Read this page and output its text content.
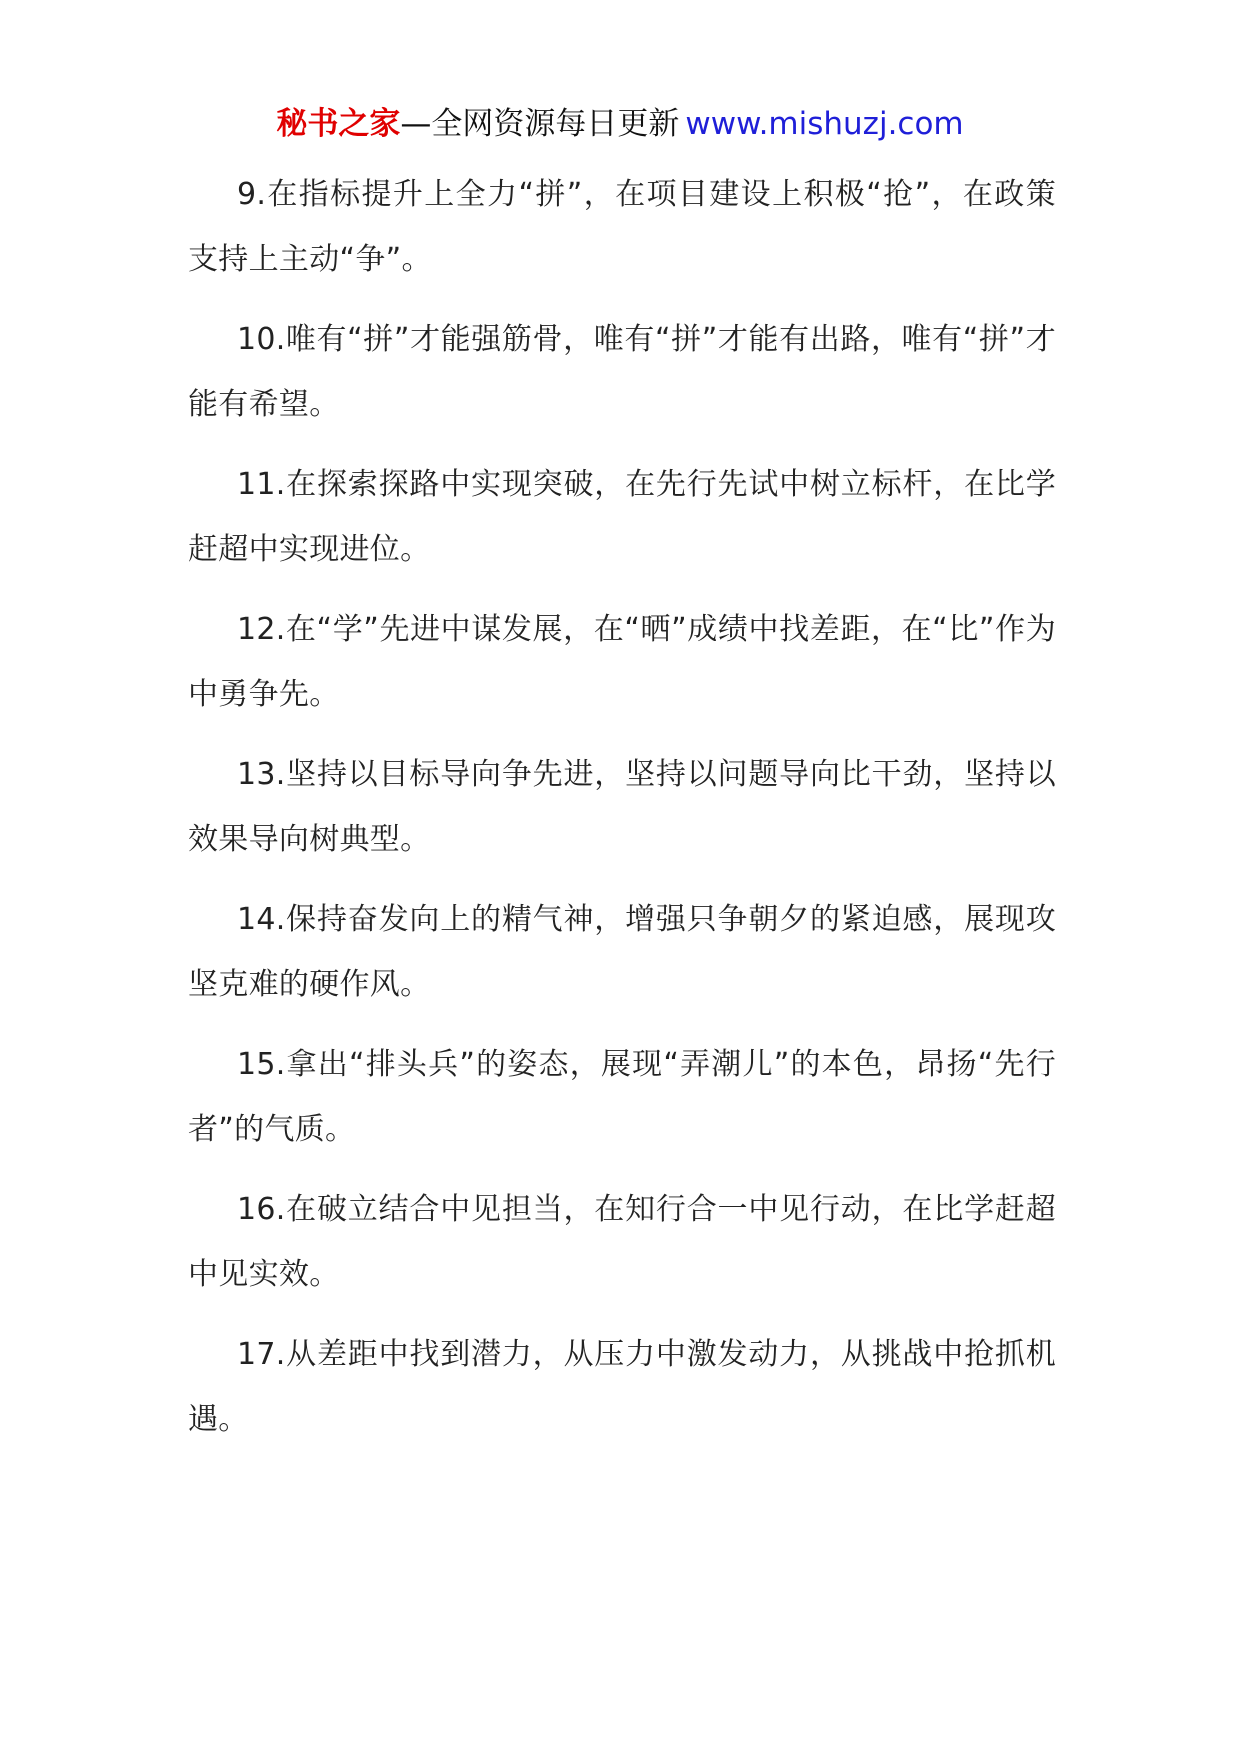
秘书之家—全网资源每日更新 www.mishuzj.com

9.在指标提升上全力“拼”，在项目建设上积极“抢”，在政策支持上主动“争”。

10.唯有“拼”才能强筋骨，唯有“拼”才能有出路，唯有“拼”才能有希望。

11.在探索探路中实现突破，在先行先试中树立标杆，在比学赶超中实现进位。

12.在“学”先进中谋发展，在“晒”成绩中找差距，在“比”作为中勇争先。

13.坚持以目标导向争先进，坚持以问题导向比干劲，坚持以效果导向树典型。

14.保持奋发向上的精气神，增强只争朝夕的紧迫感，展现攻坚克难的硬作风。

15.拿出“排头兵”的姿态，展现“弄潮儿”的本色，昂扬“先行者”的气质。

16.在破立结合中见担当，在知行合一中见行动，在比学赶超中见实效。

17.从差距中找到潜力，从压力中激发动力，从挑战中抢抓机遇。
